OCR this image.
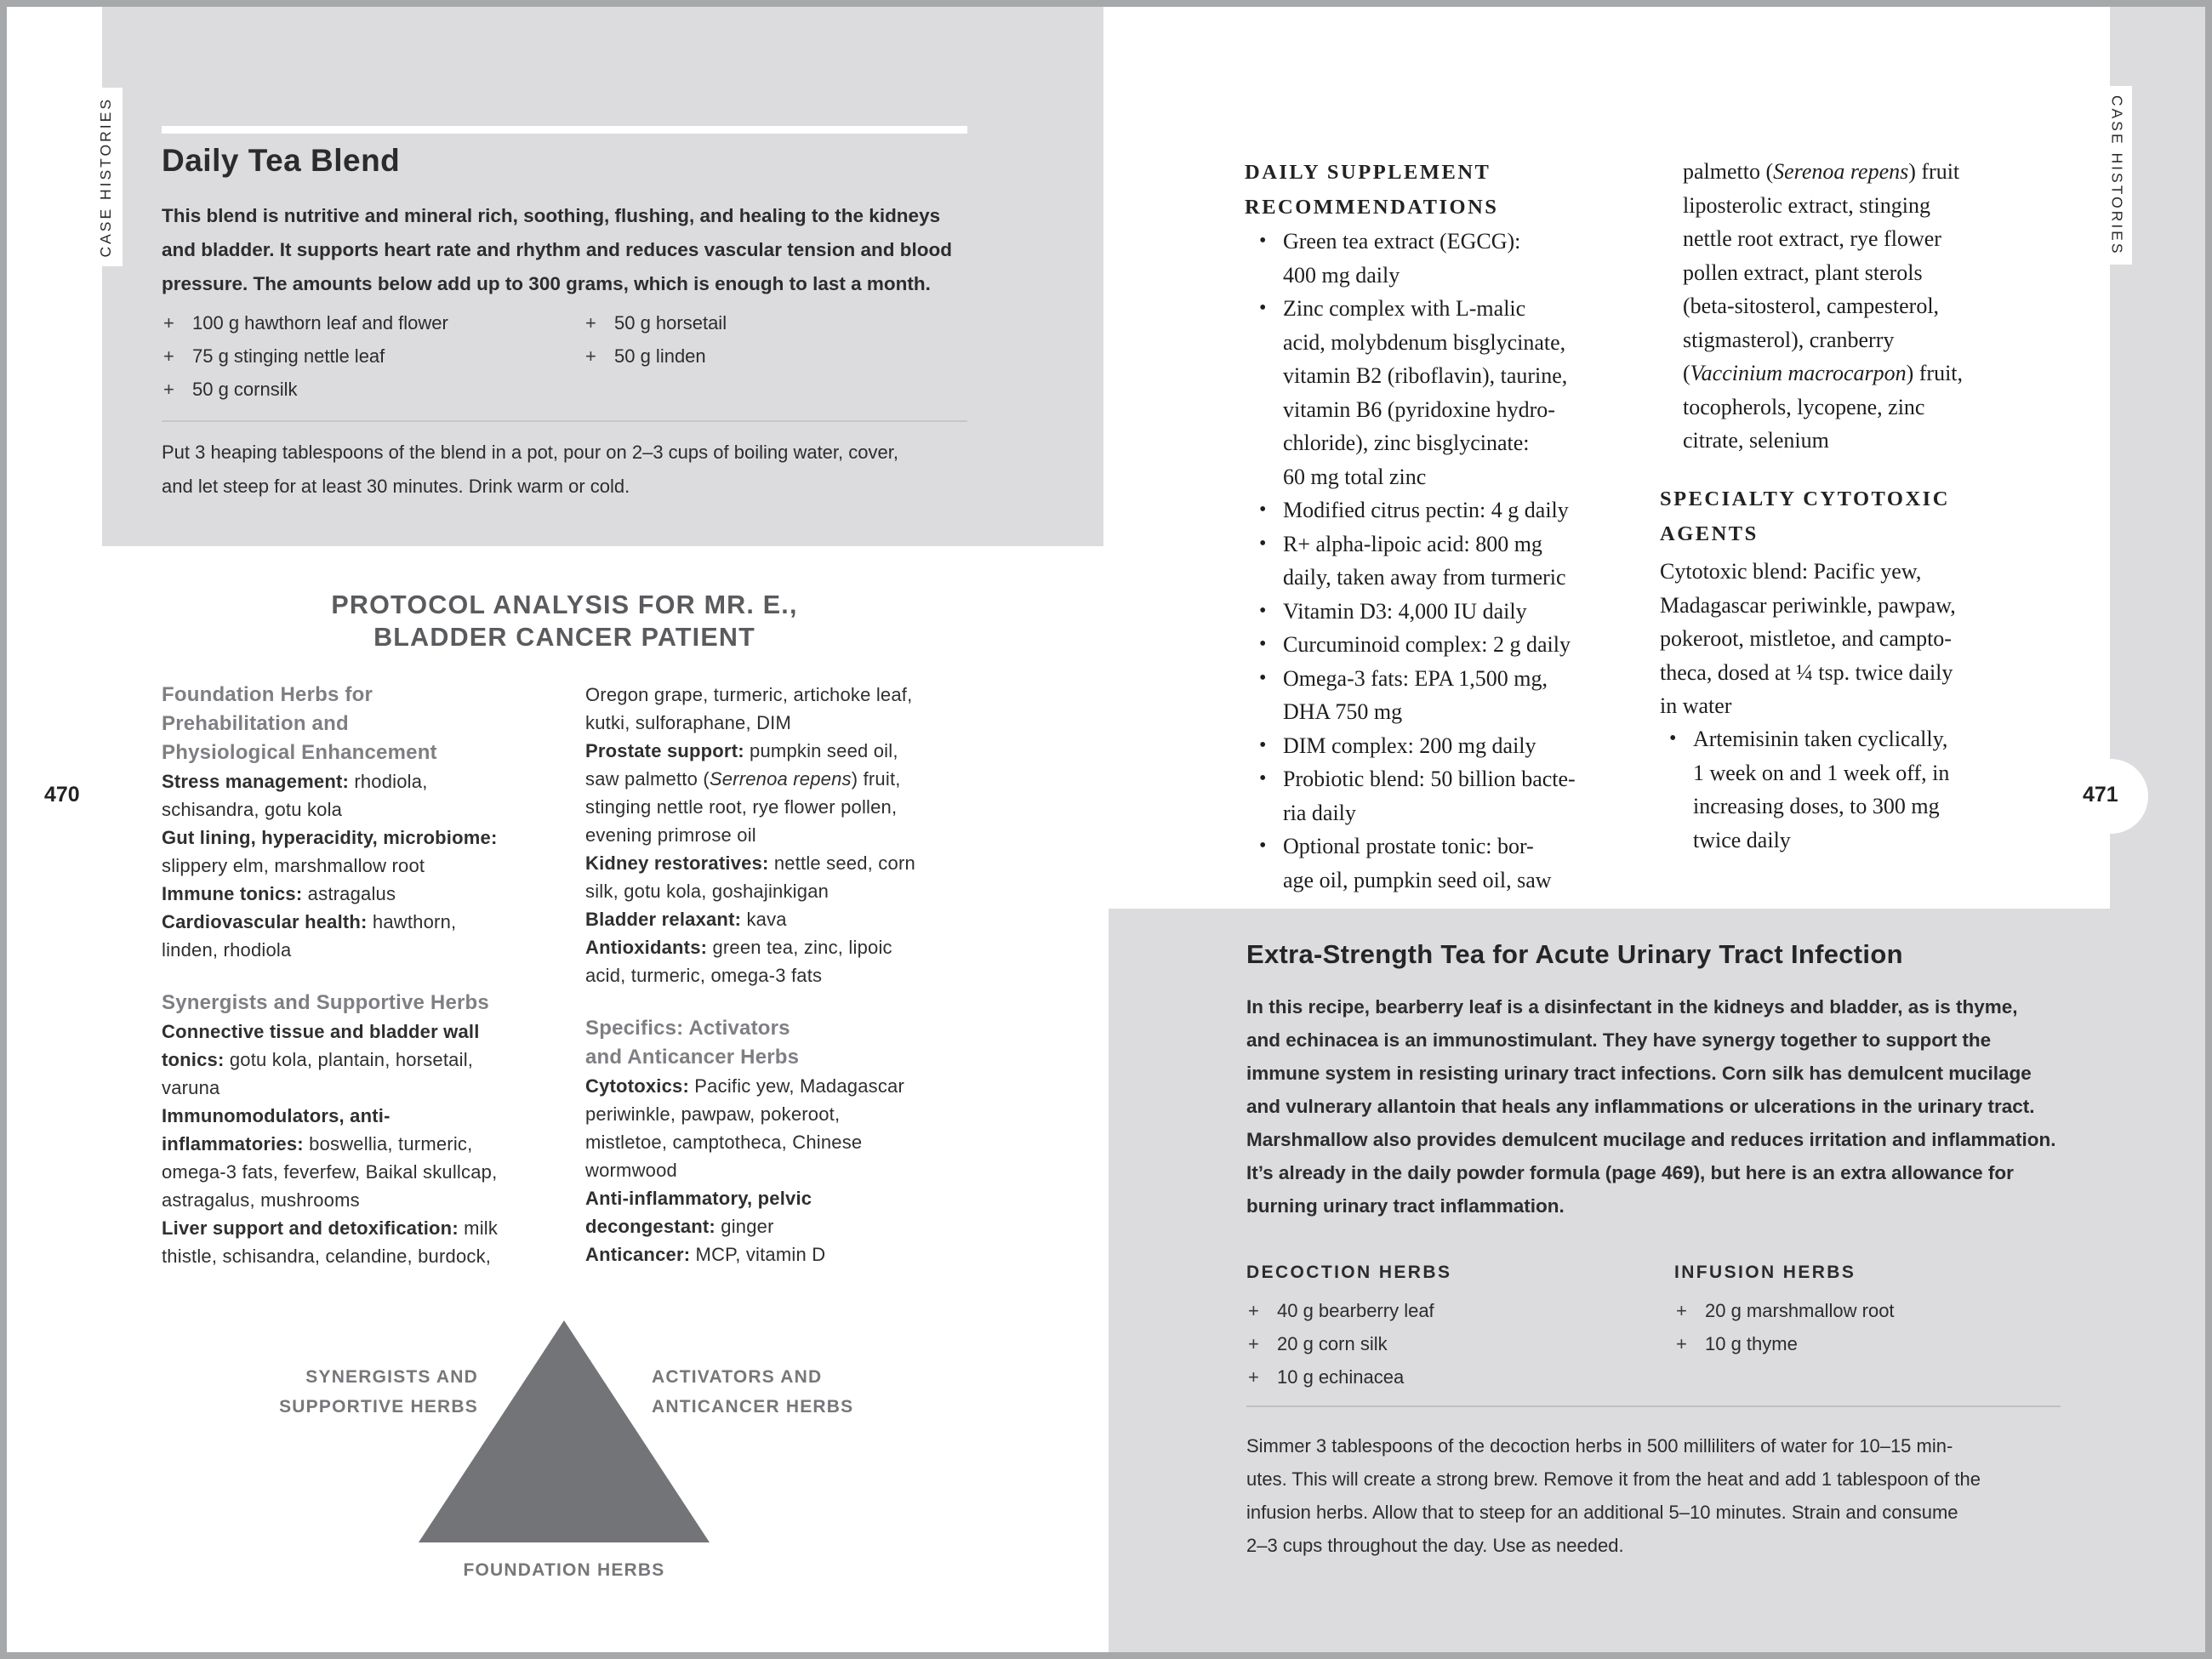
Daily Tea Blend
This blend is nutritive and mineral rich, soothing, flushing, and healing to the kidneys
and bladder. It supports heart rate and rhythm and reduces vascular tension and blood
pressure. The amounts below add up to 300 grams, which is enough to last a month.
+ 100 g hawthorn leaf and flower
+ 75 g stinging nettle leaf
+ 50 g cornsilk
+ 50 g horsetail
+ 50 g linden
Put 3 heaping tablespoons of the blend in a pot, pour on 2–3 cups of boiling water, cover,
and let steep for at least 30 minutes. Drink warm or cold.
CASE HISTORIES
470
PROTOCOL ANALYSIS FOR MR. E.,
BLADDER CANCER PATIENT
Foundation Herbs for
Prehabilitation and
Physiological Enhancement
Stress management: rhodiola,
schisandra, gotu kola
Gut lining, hyperacidity, microbiome:
slippery elm, marshmallow root
Immune tonics: astragalus
Cardiovascular health: hawthorn,
linden, rhodiola
Synergists and Supportive Herbs
Connective tissue and bladder wall
tonics: gotu kola, plantain, horsetail,
varuna
Immunomodulators, anti-
inflammatories: boswellia, turmeric,
omega-3 fats, feverfew, Baikal skullcap,
astragalus, mushrooms
Liver support and detoxification: milk
thistle, schisandra, celandine, burdock,
Oregon grape, turmeric, artichoke leaf,
kutki, sulforaphane, DIM
Prostate support: pumpkin seed oil,
saw palmetto (Serrenoa repens) fruit,
stinging nettle root, rye flower pollen,
evening primrose oil
Kidney restoratives: nettle seed, corn
silk, gotu kola, goshajinkigan
Bladder relaxant: kava
Antioxidants: green tea, zinc, lipoic
acid, turmeric, omega-3 fats
Specifics: Activators
and Anticancer Herbs
Cytotoxics: Pacific yew, Madagascar
periwinkle, pawpaw, pokeroot,
mistletoe, camptotheca, Chinese
wormwood
Anti-inflammatory, pelvic
decongestant: ginger
Anticancer: MCP, vitamin D
SYNERGISTS AND
SUPPORTIVE HERBS
ACTIVATORS AND
ANTICANCER HERBS
FOUNDATION HERBS
DAILY SUPPLEMENT
RECOMMENDATIONS
• Green tea extract (EGCG):
400 mg daily
• Zinc complex with L-malic
acid, molybdenum bisglycinate,
vitamin B2 (riboflavin), taurine,
vitamin B6 (pyridoxine hydro-
chloride), zinc bisglycinate:
60 mg total zinc
• Modified citrus pectin: 4 g daily
• R+ alpha-lipoic acid: 800 mg
daily, taken away from turmeric
• Vitamin D3: 4,000 IU daily
• Curcuminoid complex: 2 g daily
• Omega-3 fats: EPA 1,500 mg,
DHA 750 mg
• DIM complex: 200 mg daily
• Probiotic blend: 50 billion bacte-
ria daily
• Optional prostate tonic: bor-
age oil, pumpkin seed oil, saw
palmetto (Serenoa repens) fruit
liposterolic extract, stinging
nettle root extract, rye flower
pollen extract, plant sterols
(beta-sitosterol, campesterol,
stigmasterol), cranberry
(Vaccinium macrocarpon) fruit,
tocopherols, lycopene, zinc
citrate, selenium
SPECIALTY CYTOTOXIC
AGENTS
Cytotoxic blend: Pacific yew,
Madagascar periwinkle, pawpaw,
pokeroot, mistletoe, and campto-
theca, dosed at ¼ tsp. twice daily
in water
• Artemisinin taken cyclically,
1 week on and 1 week off, in
increasing doses, to 300 mg
twice daily
471
CASE HISTORIES
Extra-Strength Tea for Acute Urinary Tract Infection
In this recipe, bearberry leaf is a disinfectant in the kidneys and bladder, as is thyme,
and echinacea is an immunostimulant. They have synergy together to support the
immune system in resisting urinary tract infections. Corn silk has demulcent mucilage
and vulnerary allantoin that heals any inflammations or ulcerations in the urinary tract.
Marshmallow also provides demulcent mucilage and reduces irritation and inflammation.
It’s already in the daily powder formula (page 469), but here is an extra allowance for
burning urinary tract inflammation.
DECOCTION HERBS
+ 40 g bearberry leaf
+ 20 g corn silk
+ 10 g echinacea
INFUSION HERBS
+ 20 g marshmallow root
+ 10 g thyme
Simmer 3 tablespoons of the decoction herbs in 500 milliliters of water for 10–15 min-
utes. This will create a strong brew. Remove it from the heat and add 1 tablespoon of the
infusion herbs. Allow that to steep for an additional 5–10 minutes. Strain and consume
2–3 cups throughout the day. Use as needed.
